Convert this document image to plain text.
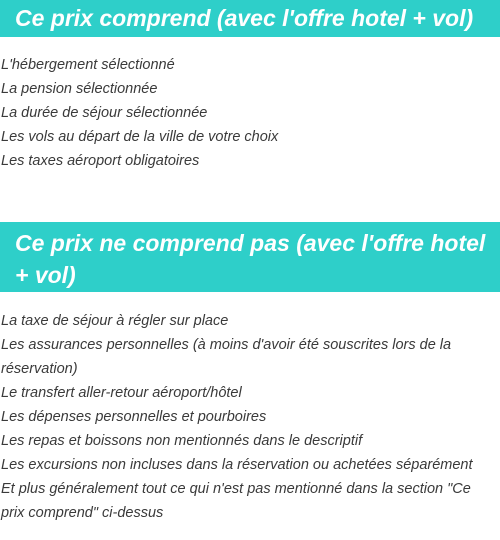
Ce prix comprend (avec l'offre hotel + vol)
L'hébergement sélectionné
La pension sélectionnée
La durée de séjour sélectionnée
Les vols au départ de la ville de votre choix
Les taxes aéroport obligatoires
Ce prix ne comprend pas (avec l'offre hotel + vol)
La taxe de séjour à régler sur place
Les assurances personnelles (à moins d'avoir été souscrites lors de la réservation)
Le transfert aller-retour aéroport/hôtel
Les dépenses personnelles et pourboires
Les repas et boissons non mentionnés dans le descriptif
Les excursions non incluses dans la réservation ou achetées séparément
Et plus généralement tout ce qui n'est pas mentionné dans la section "Ce prix comprend" ci-dessus
